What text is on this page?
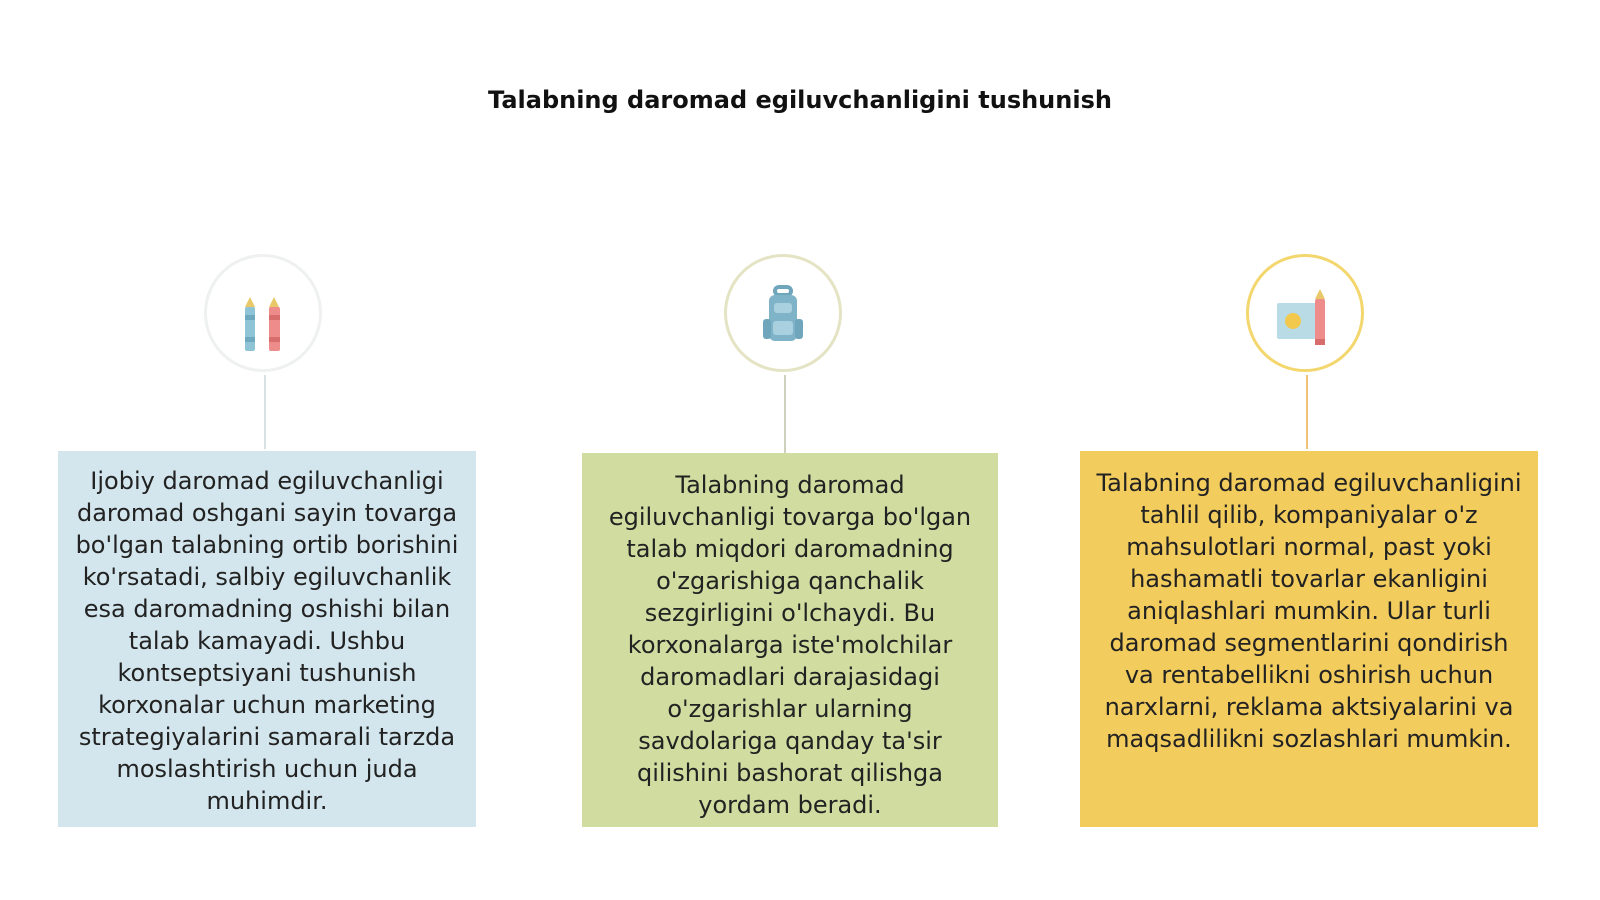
Talabning daromad egiluvchanligini tushunish
Ijobiy daromad egiluvchanligi daromad oshgani sayin tovarga bo'lgan talabning ortib borishini ko'rsatadi, salbiy egiluvchanlik esa daromadning oshishi bilan talab kamayadi. Ushbu kontseptsiyani tushunish korxonalar uchun marketing strategiyalarini samarali tarzda moslashtirish uchun juda muhimdir.
Talabning daromad egiluvchanligi tovarga bo'lgan talab miqdori daromadning o'zgarishiga qanchalik sezgirligini o'lchaydi. Bu korxonalarga iste'molchilar daromadlari darajasidagi o'zgarishlar ularning savdolariga qanday ta'sir qilishini bashorat qilishga yordam beradi.
Talabning daromad egiluvchanligini tahlil qilib, kompaniyalar o'z mahsulotlari normal, past yoki hashamatli tovarlar ekanligini aniqlashlari mumkin. Ular turli daromad segmentlarini qondirish va rentabellikni oshirish uchun narxlarni, reklama aktsiyalarini va maqsadlilikni sozlashlari mumkin.
